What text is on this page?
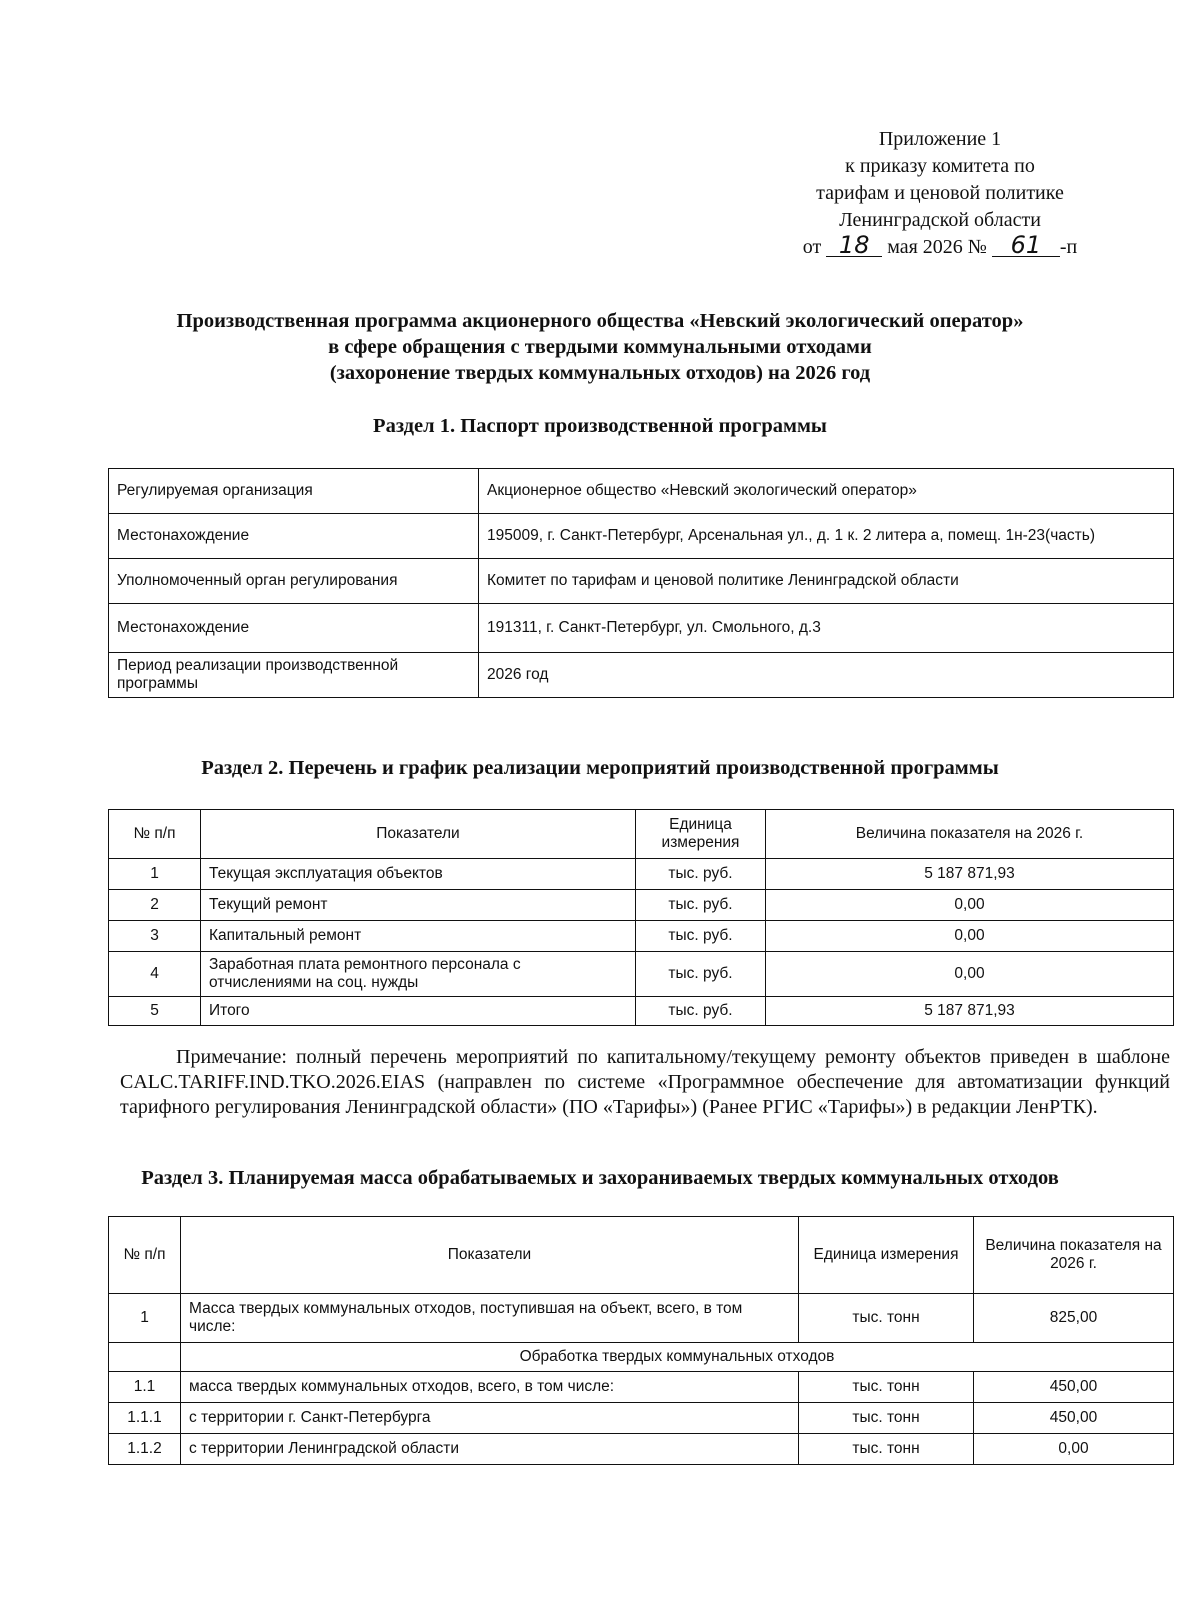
Приложение 1
к приказу комитета по
тарифам и ценовой политике
Ленинградской области
от 18 мая 2026 № 61 -п
Производственная программа акционерного общества «Невский экологический оператор»
в сфере обращения с твердыми коммунальными отходами
(захоронение твердых коммунальных отходов) на 2026 год
Раздел 1. Паспорт производственной программы
Регулируемая организация	Акционерное общество «Невский экологический оператор»
Местонахождение	195009, г. Санкт-Петербург, Арсенальная ул., д. 1 к. 2 литера а, помещ. 1н-23(часть)
Уполномоченный орган регулирования	Комитет по тарифам и ценовой политике Ленинградской области
Местонахождение	191311, г. Санкт-Петербург, ул. Смольного, д.3
Период реализации производственной программы	2026 год
Раздел 2. Перечень и график реализации мероприятий производственной программы
№ п/п	Показатели	Единица измерения	Величина показателя на 2026 г.
1	Текущая эксплуатация объектов	тыс. руб.	5 187 871,93
2	Текущий ремонт	тыс. руб.	0,00
3	Капитальный ремонт	тыс. руб.	0,00
4	Заработная плата ремонтного персонала с отчислениями на соц. нужды	тыс. руб.	0,00
5	Итого	тыс. руб.	5 187 871,93
Примечание: полный перечень мероприятий по капитальному/текущему ремонту объектов приведен в шаблоне CALC.TARIFF.IND.TKO.2026.EIAS (направлен по системе «Программное обеспечение для автоматизации функций тарифного регулирования Ленинградской области» (ПО «Тарифы») (Ранее РГИС «Тарифы») в редакции ЛенРТК).
Раздел 3. Планируемая масса обрабатываемых и захораниваемых твердых коммунальных отходов
№ п/п	Показатели	Единица измерения	Величина показателя на 2026 г.
1	Масса твердых коммунальных отходов, поступившая на объект, всего, в том числе:	тыс. тонн	825,00
	Обработка твердых коммунальных отходов		
1.1	масса твердых коммунальных отходов, всего, в том числе:	тыс. тонн	450,00
1.1.1	с территории г. Санкт-Петербурга	тыс. тонн	450,00
1.1.2	с территории Ленинградской области	тыс. тонн	0,00
